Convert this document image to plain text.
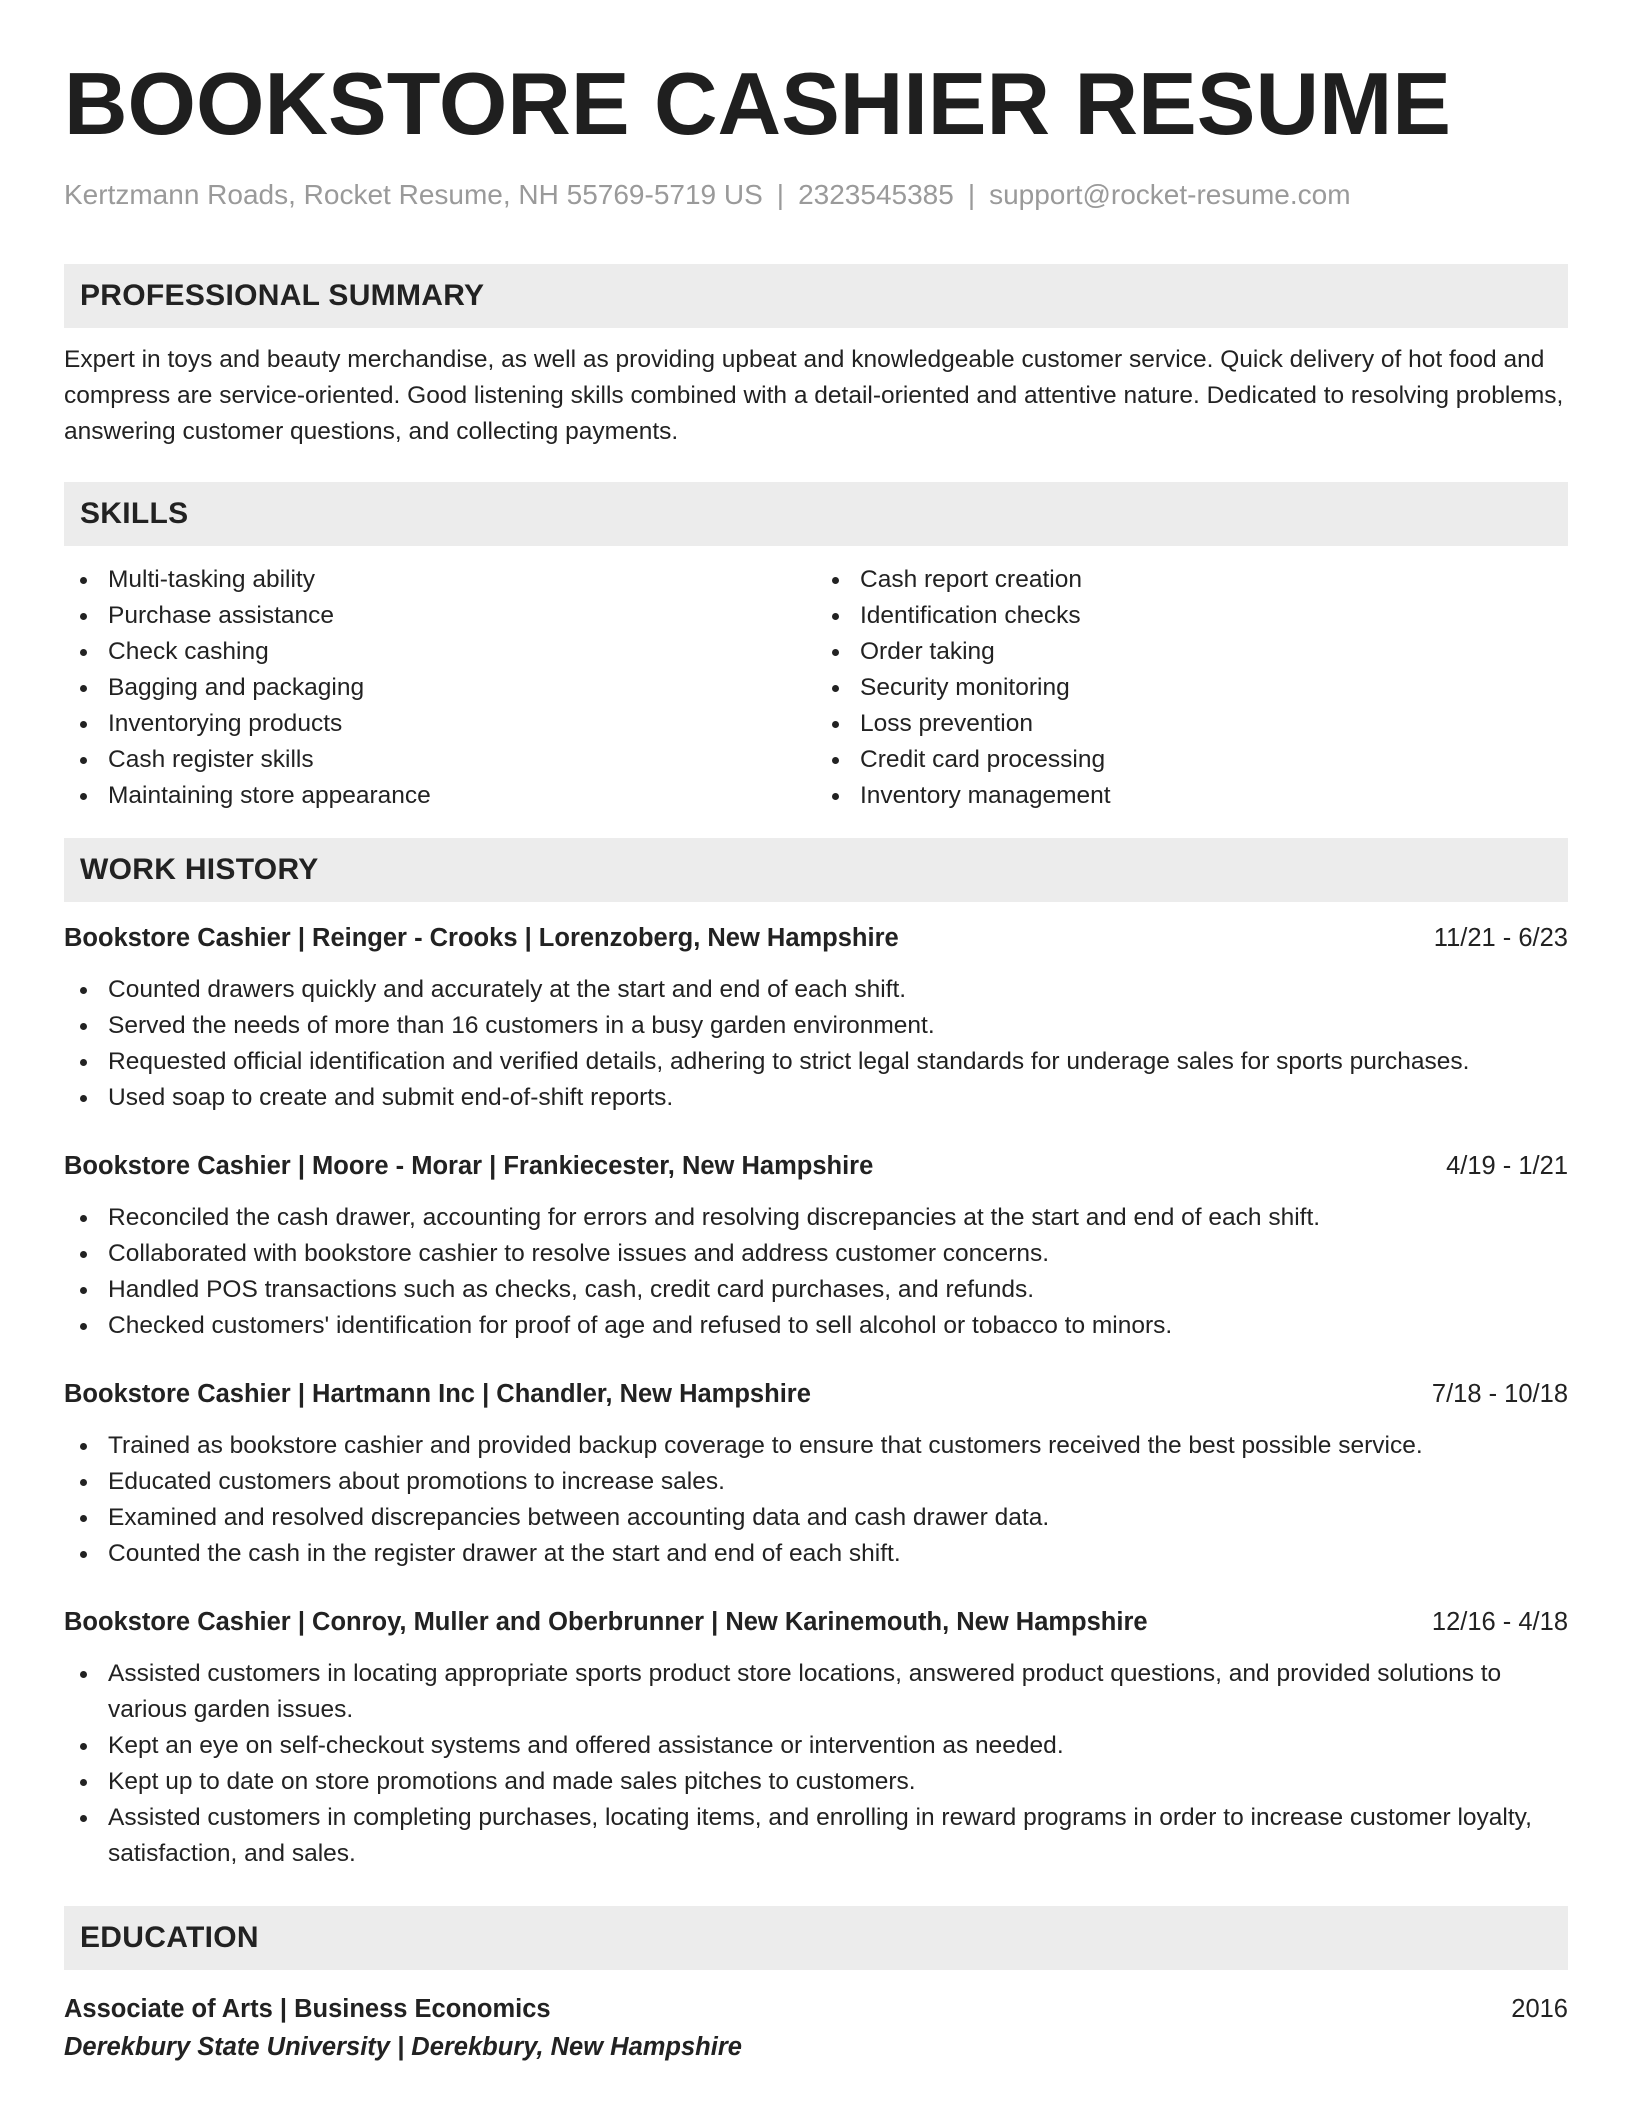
BOOKSTORE CASHIER RESUME
Kertzmann Roads, Rocket Resume, NH 55769-5719 US | 2323545385 | support@rocket-resume.com
PROFESSIONAL SUMMARY

Expert in toys and beauty merchandise, as well as providing upbeat and knowledgeable customer service. Quick delivery of hot food and compress are service-oriented. Good listening skills combined with a detail-oriented and attentive nature. Dedicated to resolving problems, answering customer questions, and collecting payments.

SKILLS
Multi-tasking ability
Purchase assistance
Check cashing
Bagging and packaging
Inventorying products
Cash register skills
Maintaining store appearance
Cash report creation
Identification checks
Order taking
Security monitoring
Loss prevention
Credit card processing
Inventory management
WORK HISTORY
Bookstore Cashier | Reinger - Crooks | Lorenzoberg, New Hampshire	11/21 - 6/23
Counted drawers quickly and accurately at the start and end of each shift.
Served the needs of more than 16 customers in a busy garden environment.
Requested official identification and verified details, adhering to strict legal standards for underage sales for sports purchases.
Used soap to create and submit end-of-shift reports.
Bookstore Cashier | Moore - Morar | Frankiecester, New Hampshire	4/19 - 1/21
Reconciled the cash drawer, accounting for errors and resolving discrepancies at the start and end of each shift.
Collaborated with bookstore cashier to resolve issues and address customer concerns.
Handled POS transactions such as checks, cash, credit card purchases, and refunds.
Checked customers' identification for proof of age and refused to sell alcohol or tobacco to minors.
Bookstore Cashier | Hartmann Inc | Chandler, New Hampshire	7/18 - 10/18
Trained as bookstore cashier and provided backup coverage to ensure that customers received the best possible service.
Educated customers about promotions to increase sales.
Examined and resolved discrepancies between accounting data and cash drawer data.
Counted the cash in the register drawer at the start and end of each shift.
Bookstore Cashier | Conroy, Muller and Oberbrunner | New Karinemouth, New Hampshire	12/16 - 4/18
Assisted customers in locating appropriate sports product store locations, answered product questions, and provided solutions to various garden issues.
Kept an eye on self-checkout systems and offered assistance or intervention as needed.
Kept up to date on store promotions and made sales pitches to customers.
Assisted customers in completing purchases, locating items, and enrolling in reward programs in order to increase customer loyalty, satisfaction, and sales.
EDUCATION
Associate of Arts | Business Economics	2016
Derekbury State University | Derekbury, New Hampshire
